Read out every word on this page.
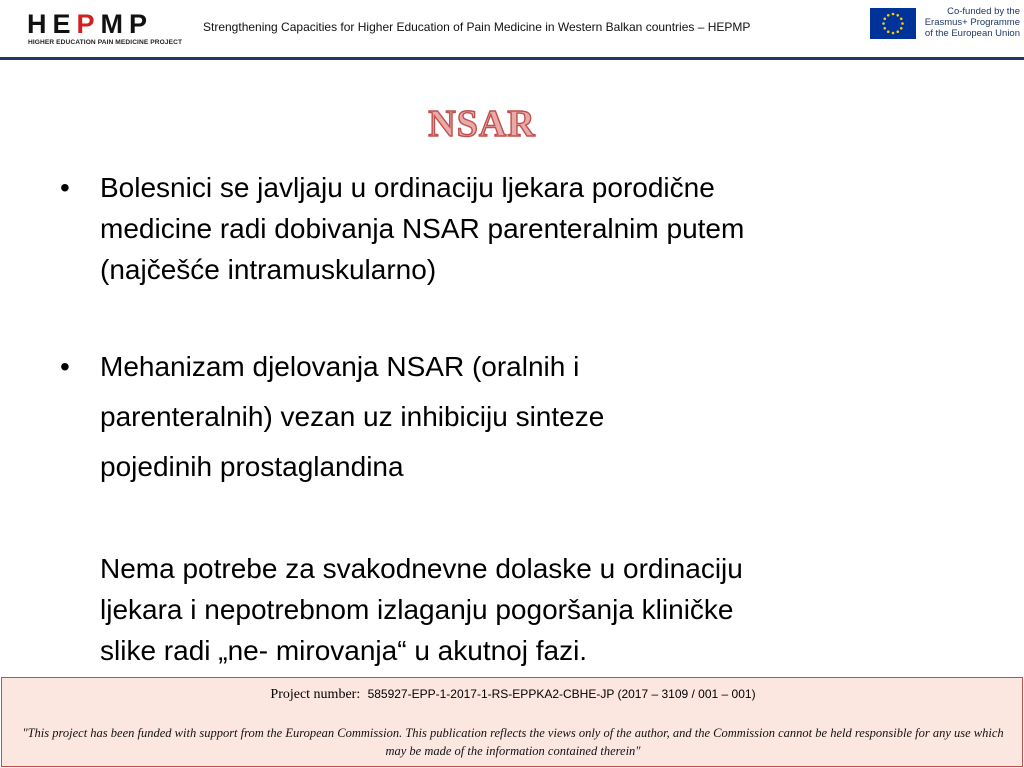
HEPMP
HIGHER EDUCATION PAIN MEDICINE PROJECT
Strengthening Capacities for Higher Education of Pain Medicine in Western Balkan countries – HEPMP
Co-funded by the
Erasmus+ Programme
of the European Union
NSAR
• Bolesnici se javljaju u ordinaciju ljekara porodične
medicine radi dobivanja NSAR parenteralnim putem
(najčešće intramuskularno)
• Mehanizam djelovanja NSAR (oralnih i
parenteralnih) vezan uz inhibiciju sinteze
pojedinih prostaglandina
Nema potrebe za svakodnevne dolaske u ordinaciju
ljekara i nepotrebnom izlaganju pogoršanja kliničke
slike radi „ne- mirovanja“ u akutnoj fazi.
Project number: 585927-EPP-1-2017-1-RS-EPPKA2-CBHE-JP (2017 – 3109 / 001 – 001)
"This project has been funded with support from the European Commission. This publication reflects the views only of the author, and the Commission cannot be held responsible for any use which may be made of the information contained therein"
